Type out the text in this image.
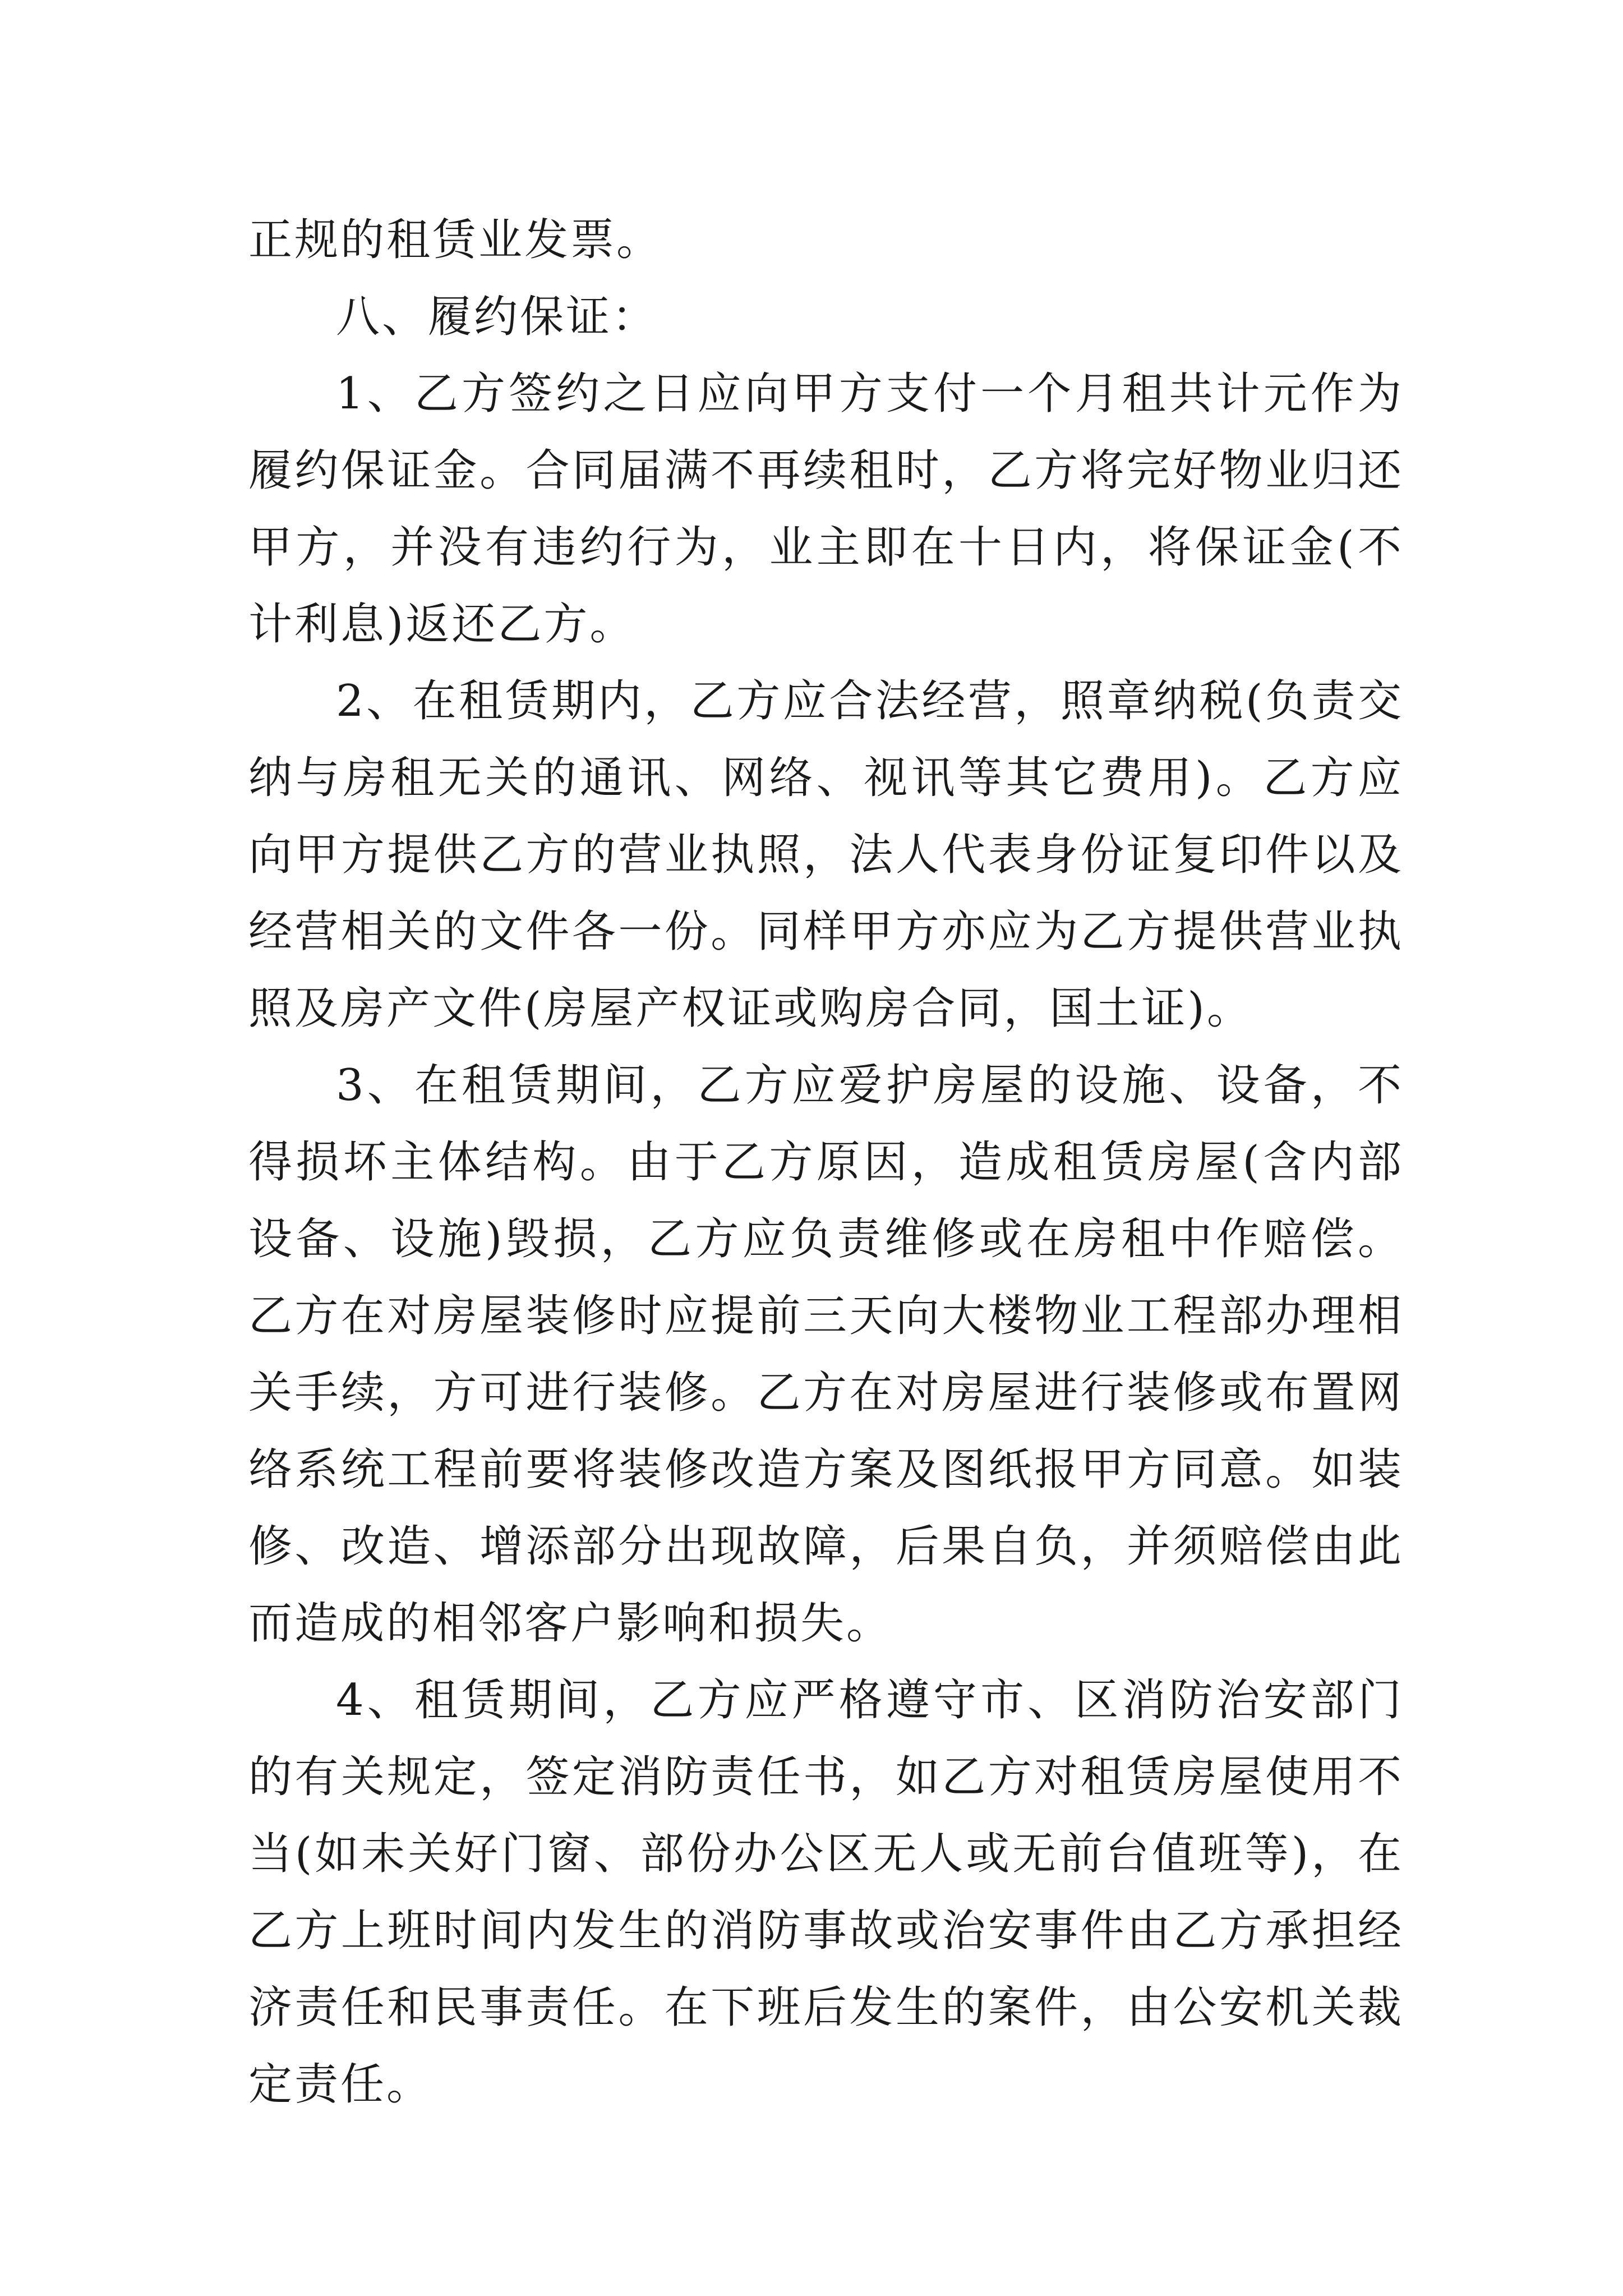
正规的租赁业发票。

八、履约保证：

1、乙方签约之日应向甲方支付一个月租共计元作为履约保证金。合同届满不再续租时，乙方将完好物业归还甲方，并没有违约行为，业主即在十日内，将保证金(不计利息)返还乙方。

2、在租赁期内，乙方应合法经营，照章纳税(负责交纳与房租无关的通讯、网络、视讯等其它费用)。乙方应向甲方提供乙方的营业执照，法人代表身份证复印件以及经营相关的文件各一份。同样甲方亦应为乙方提供营业执照及房产文件(房屋产权证或购房合同，国土证)。

3、在租赁期间，乙方应爱护房屋的设施、设备，不得损坏主体结构。由于乙方原因，造成租赁房屋(含内部设备、设施)毁损，乙方应负责维修或在房租中作赔偿。乙方在对房屋装修时应提前三天向大楼物业工程部办理相关手续，方可进行装修。乙方在对房屋进行装修或布置网络系统工程前要将装修改造方案及图纸报甲方同意。如装修、改造、增添部分出现故障，后果自负，并须赔偿由此而造成的相邻客户影响和损失。

4、租赁期间，乙方应严格遵守市、区消防治安部门的有关规定，签定消防责任书，如乙方对租赁房屋使用不当(如未关好门窗、部份办公区无人或无前台值班等)，在乙方上班时间内发生的消防事故或治安事件由乙方承担经济责任和民事责任。在下班后发生的案件，由公安机关裁定责任。
